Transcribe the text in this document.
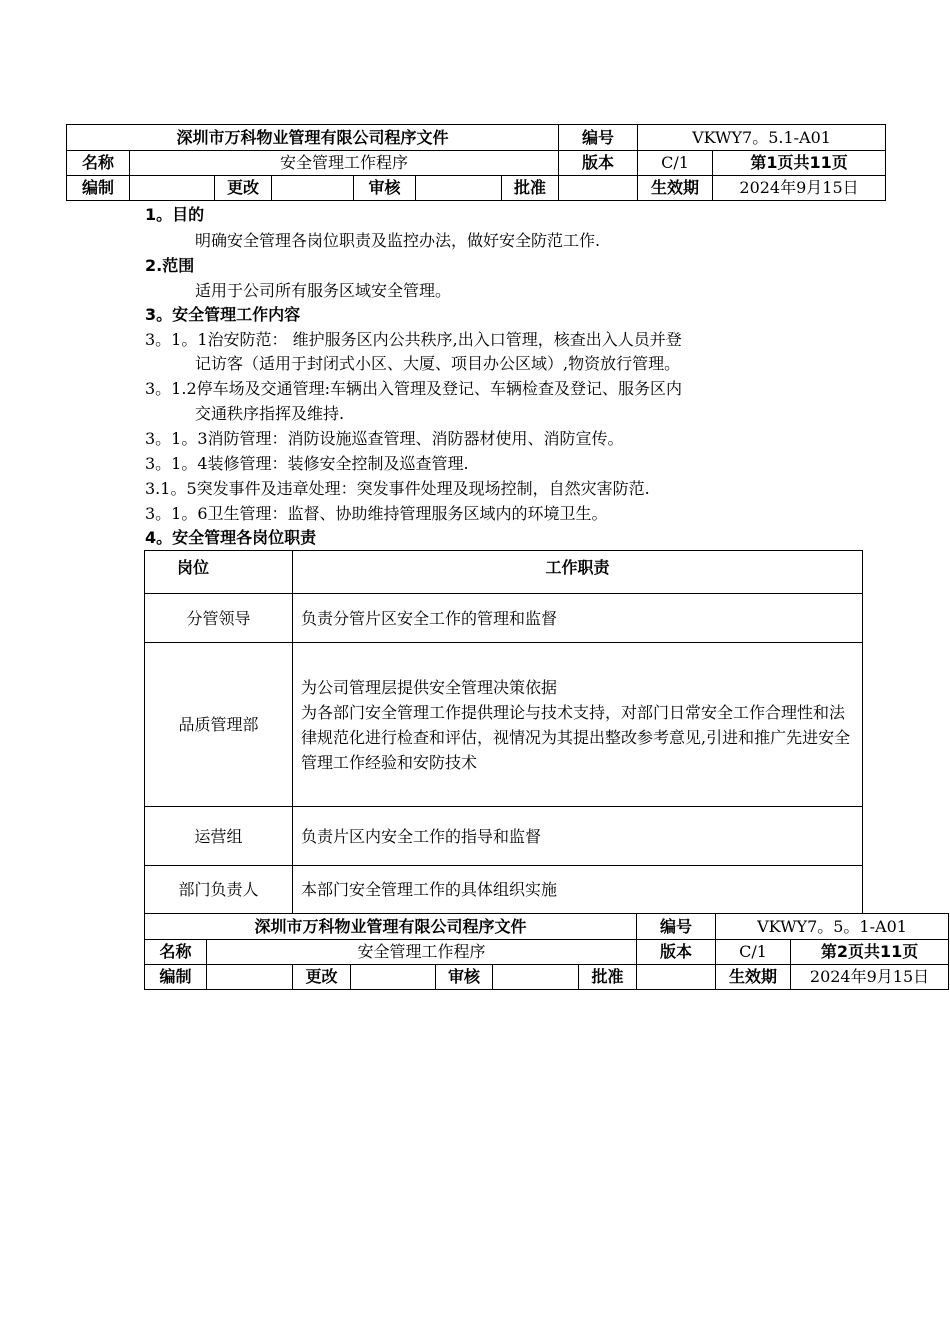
深圳市万科物业管理有限公司程序文件							编号	VKWY7。5.1-A01	
名称	安全管理工作程序						版本	C/1	第1页共11页
编制		更改		审核		批准		生效期	2024年9月15日
1。目的
明确安全管理各岗位职责及监控办法，做好安全防范工作.
2.范围
适用于公司所有服务区域安全管理。
3。安全管理工作内容
3。1。1治安防范： 维护服务区内公共秩序,出入口管理，核查出入人员并登
记访客（适用于封闭式小区、大厦、项目办公区域）,物资放行管理。
3。1.2停车场及交通管理:车辆出入管理及登记、车辆检查及登记、服务区内
交通秩序指挥及维持.
3。1。3消防管理：消防设施巡查管理、消防器材使用、消防宣传。
3。1。4装修管理：装修安全控制及巡查管理.
3.1。5突发事件及违章处理：突发事件处理及现场控制，自然灾害防范.
3。1。6卫生管理：监督、协助维持管理服务区域内的环境卫生。
4。安全管理各岗位职责
岗位	工作职责
分管领导	负责分管片区安全工作的管理和监督
品质管理部	为公司管理层提供安全管理决策依据
为各部门安全管理工作提供理论与技术支持，对部门日常安全工作合理性和法律规范化进行检查和评估，视情况为其提出整改参考意见,引进和推广先进安全管理工作经验和安防技术

运营组	负责片区内安全工作的指导和监督
部门负责人	本部门安全管理工作的具体组织实施
深圳市万科物业管理有限公司程序文件							编号	VKWY7。5。1-A01	
名称	安全管理工作程序						版本	C/1	第2页共11页
编制		更改		审核		批准		生效期	2024年9月15日
